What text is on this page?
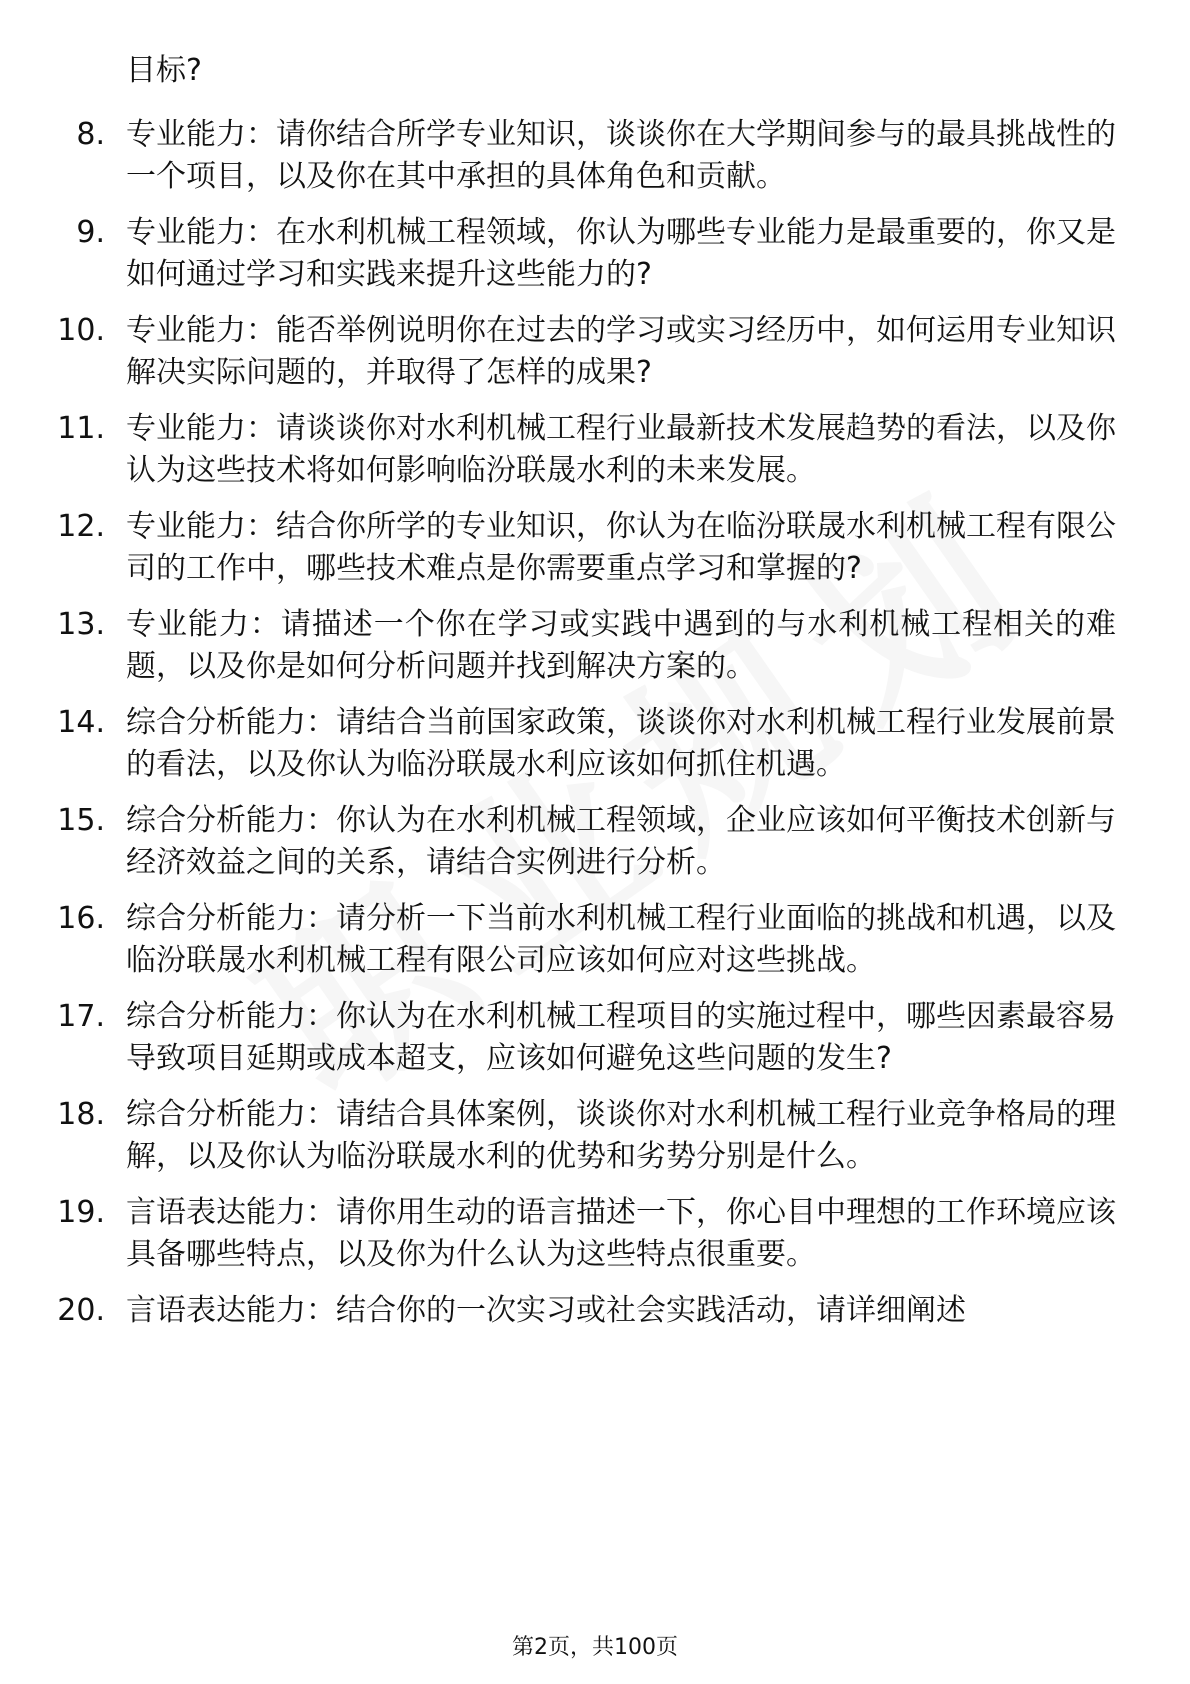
目标?
8. 专业能力：请你结合所学专业知识，谈谈你在大学期间参与的最具挑战性的一个项目，以及你在其中承担的具体角色和贡献。
9. 专业能力：在水利机械工程领域，你认为哪些专业能力是最重要的，你又是如何通过学习和实践来提升这些能力的?
10. 专业能力：能否举例说明你在过去的学习或实习经历中，如何运用专业知识解决实际问题的，并取得了怎样的成果?
11. 专业能力：请谈谈你对水利机械工程行业最新技术发展趋势的看法，以及你认为这些技术将如何影响临汾联晟水利的未来发展。
12. 专业能力：结合你所学的专业知识，你认为在临汾联晟水利机械工程有限公司的工作中，哪些技术难点是你需要重点学习和掌握的?
13. 专业能力：请描述一个你在学习或实践中遇到的与水利机械工程相关的难题，以及你是如何分析问题并找到解决方案的。
14. 综合分析能力：请结合当前国家政策，谈谈你对水利机械工程行业发展前景的看法，以及你认为临汾联晟水利应该如何抓住机遇。
15. 综合分析能力：你认为在水利机械工程领域，企业应该如何平衡技术创新与经济效益之间的关系，请结合实例进行分析。
16. 综合分析能力：请分析一下当前水利机械工程行业面临的挑战和机遇，以及临汾联晟水利机械工程有限公司应该如何应对这些挑战。
17. 综合分析能力：你认为在水利机械工程项目的实施过程中，哪些因素最容易导致项目延期或成本超支，应该如何避免这些问题的发生?
18. 综合分析能力：请结合具体案例，谈谈你对水利机械工程行业竞争格局的理解，以及你认为临汾联晟水利的优势和劣势分别是什么。
19. 言语表达能力：请你用生动的语言描述一下，你心目中理想的工作环境应该具备哪些特点，以及你为什么认为这些特点很重要。
20. 言语表达能力：结合你的一次实习或社会实践活动，请详细阐述
第2页，共100页
